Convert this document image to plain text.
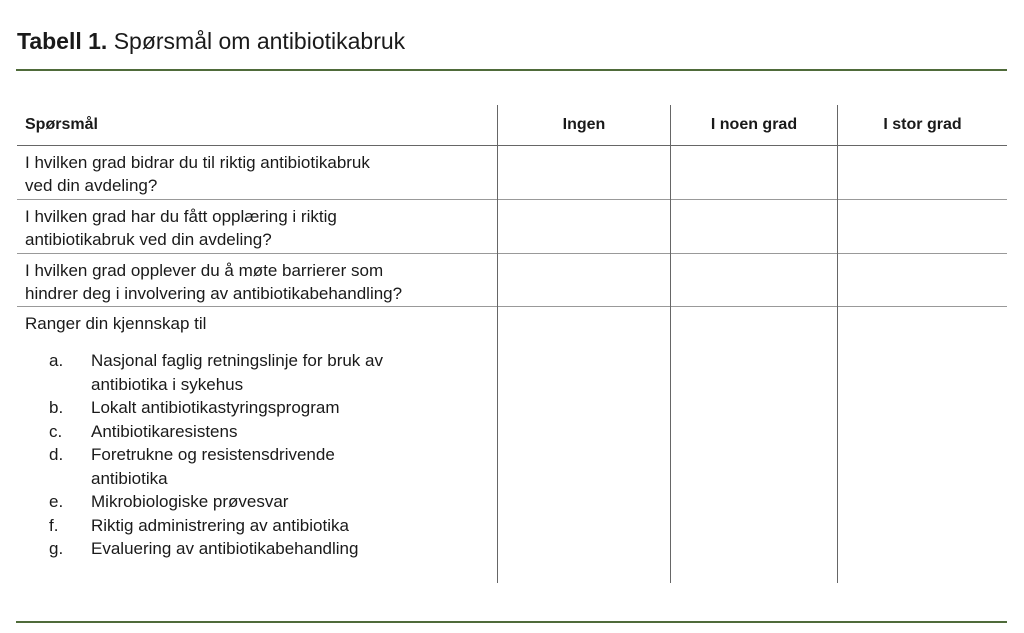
Tabell 1. Spørsmål om antibiotikabruk
Spørsmål	Ingen	I noen grad	I stor grad
I hvilken grad bidrar du til riktig antibiotikabruk
ved din avdeling?
I hvilken grad har du fått opplæring i riktig
antibiotikabruk ved din avdeling?
I hvilken grad opplever du å møte barrierer som
hindrer deg i involvering av antibiotikabehandling?
Ranger din kjennskap til
a. Nasjonal faglig retningslinje for bruk av
antibiotika i sykehus
b. Lokalt antibiotikastyringsprogram
c. Antibiotikaresistens
d. Foretrukne og resistensdrivende
antibiotika
e. Mikrobiologiske prøvesvar
f. Riktig administrering av antibiotika
g. Evaluering av antibiotikabehandling
